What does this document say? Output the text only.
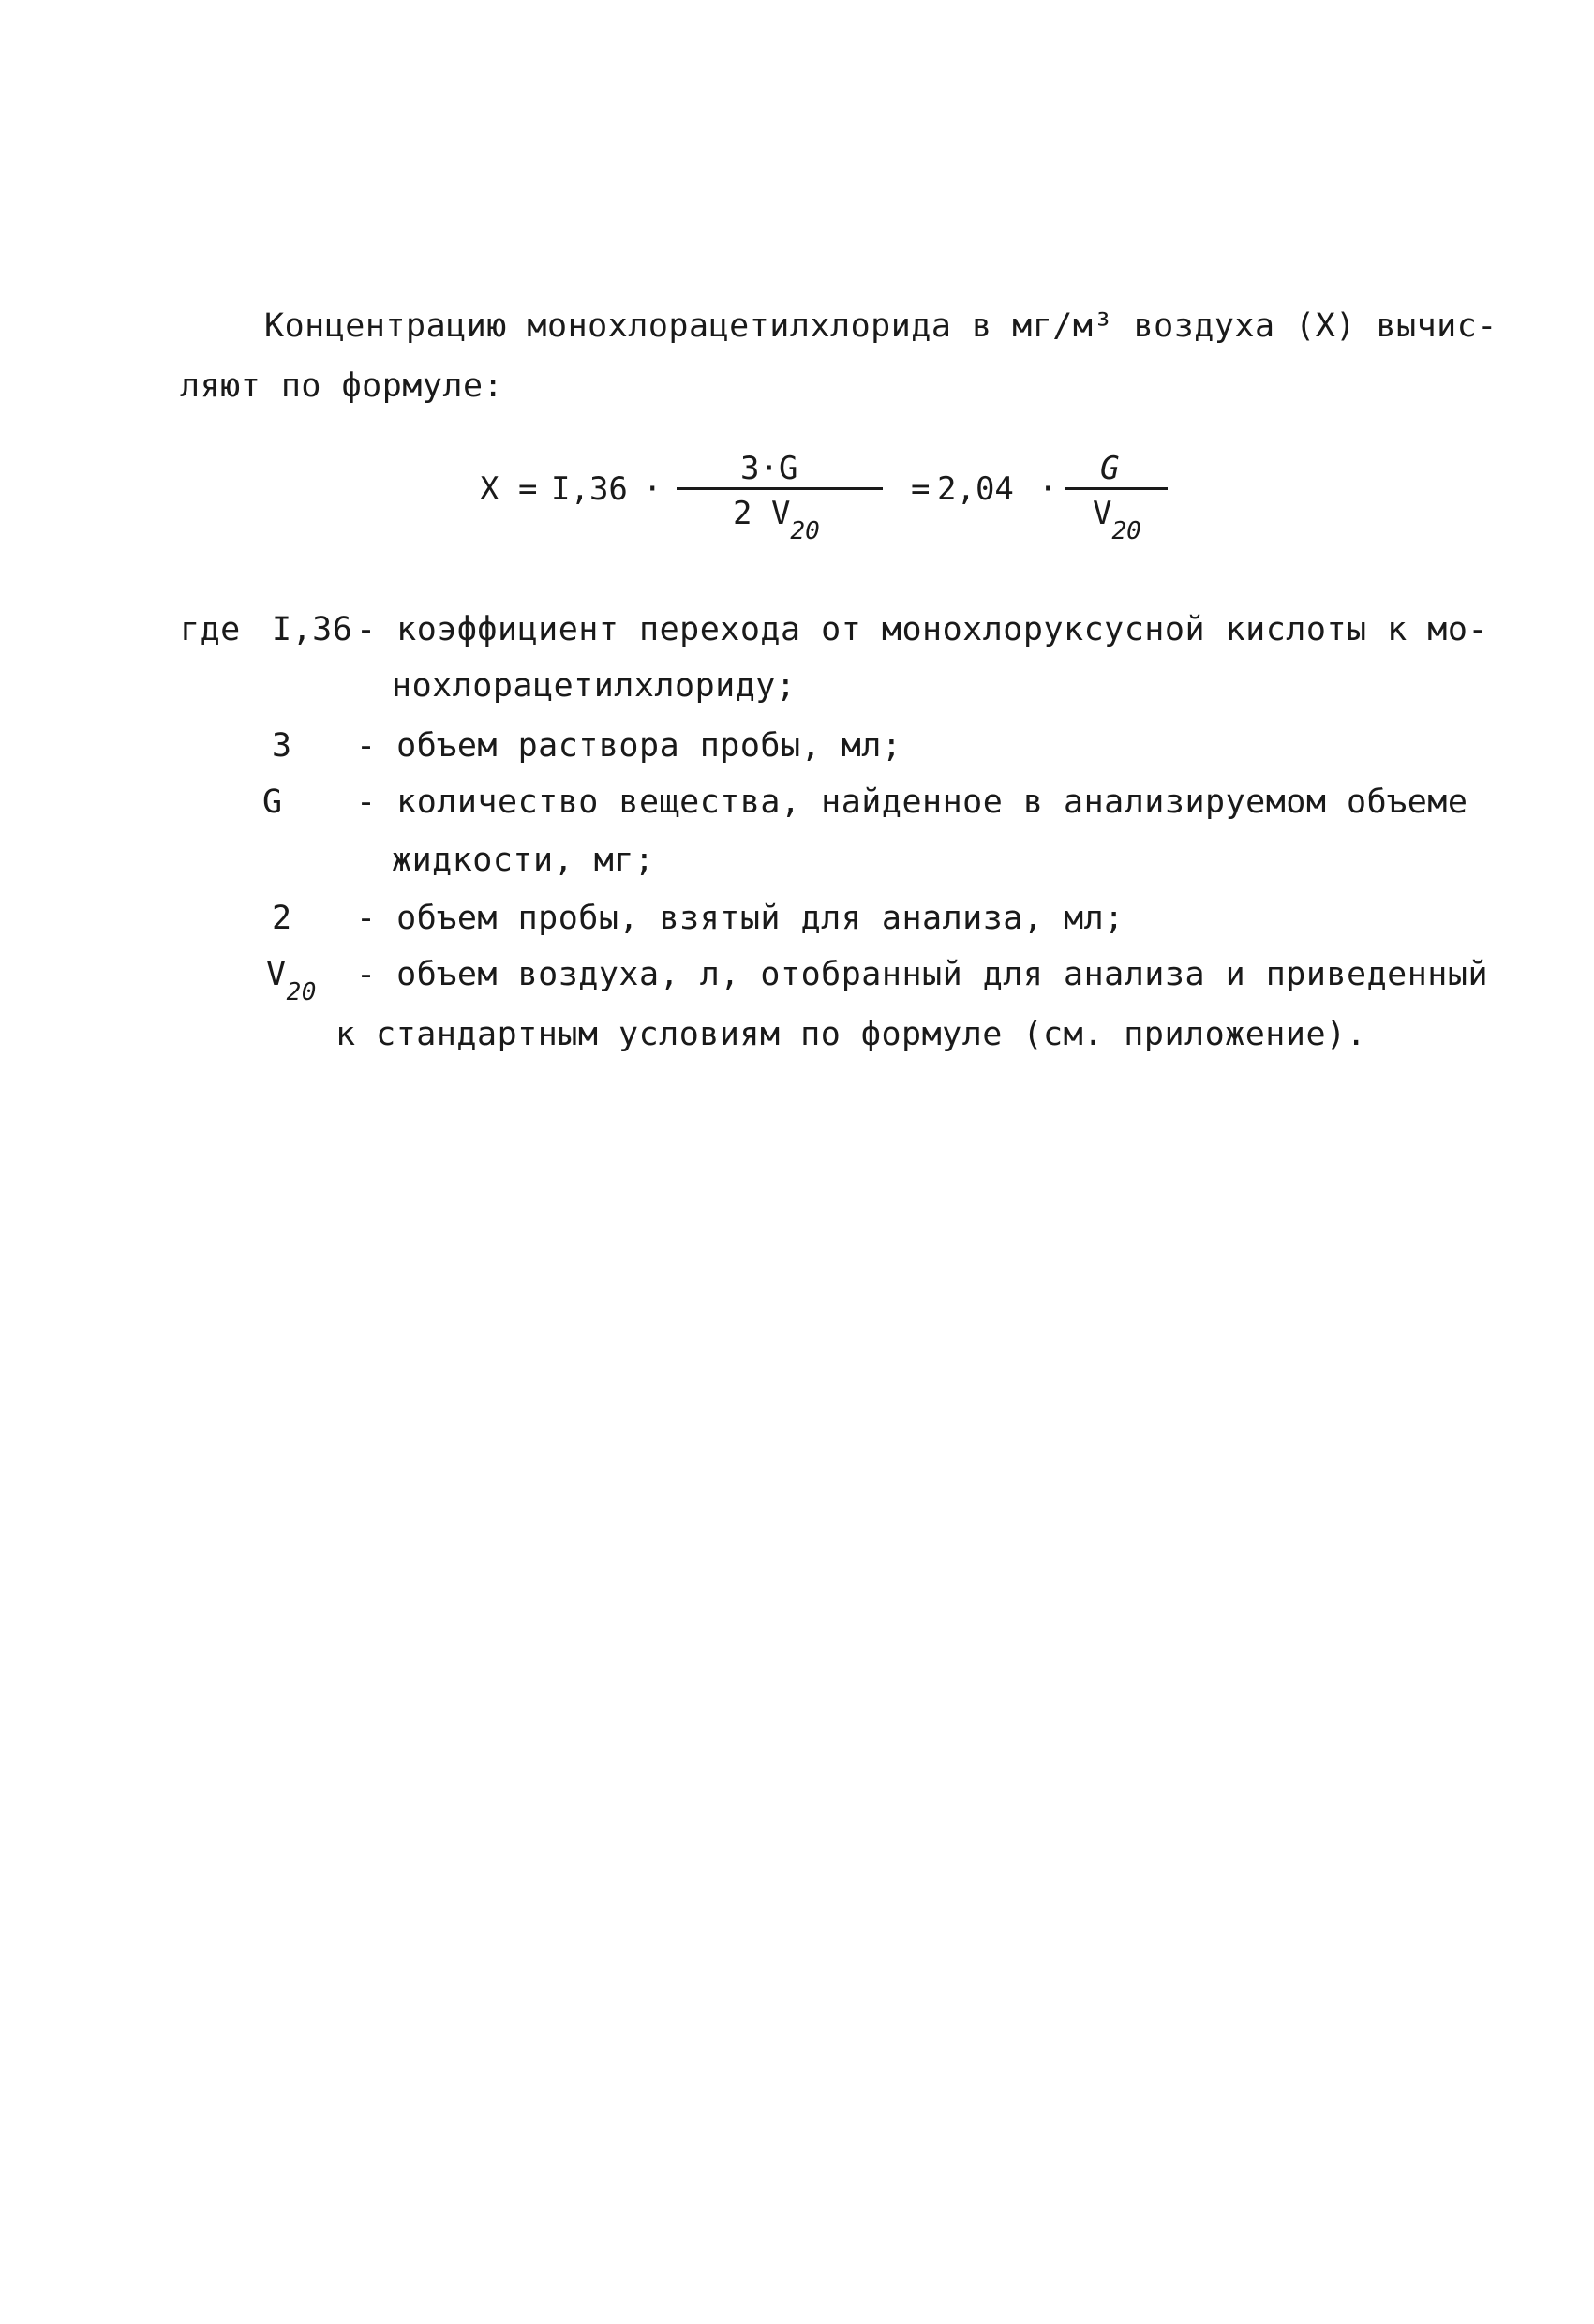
Концентрацию монохлорацетилхлорида в мг/м³ воздуха (X) вычис-
ляют по формуле:
X = I,36 ·
3·G
2 $V_{20}$
= 2,04 ·
G
$V_{20}$
где I,36 - коэффициент перехода от монохлоруксусной кислоты к мо-
нохлорацетилхлориду;
3 - объем раствора пробы, мл;
G - количество вещества, найденное в анализируемом объеме
жидкости, мг;
2 - объем пробы, взятый для анализа, мл;
$V_{20}$ - объем воздуха, л, отобранный для анализа и приведенный
к стандартным условиям по формуле (см. приложение).
